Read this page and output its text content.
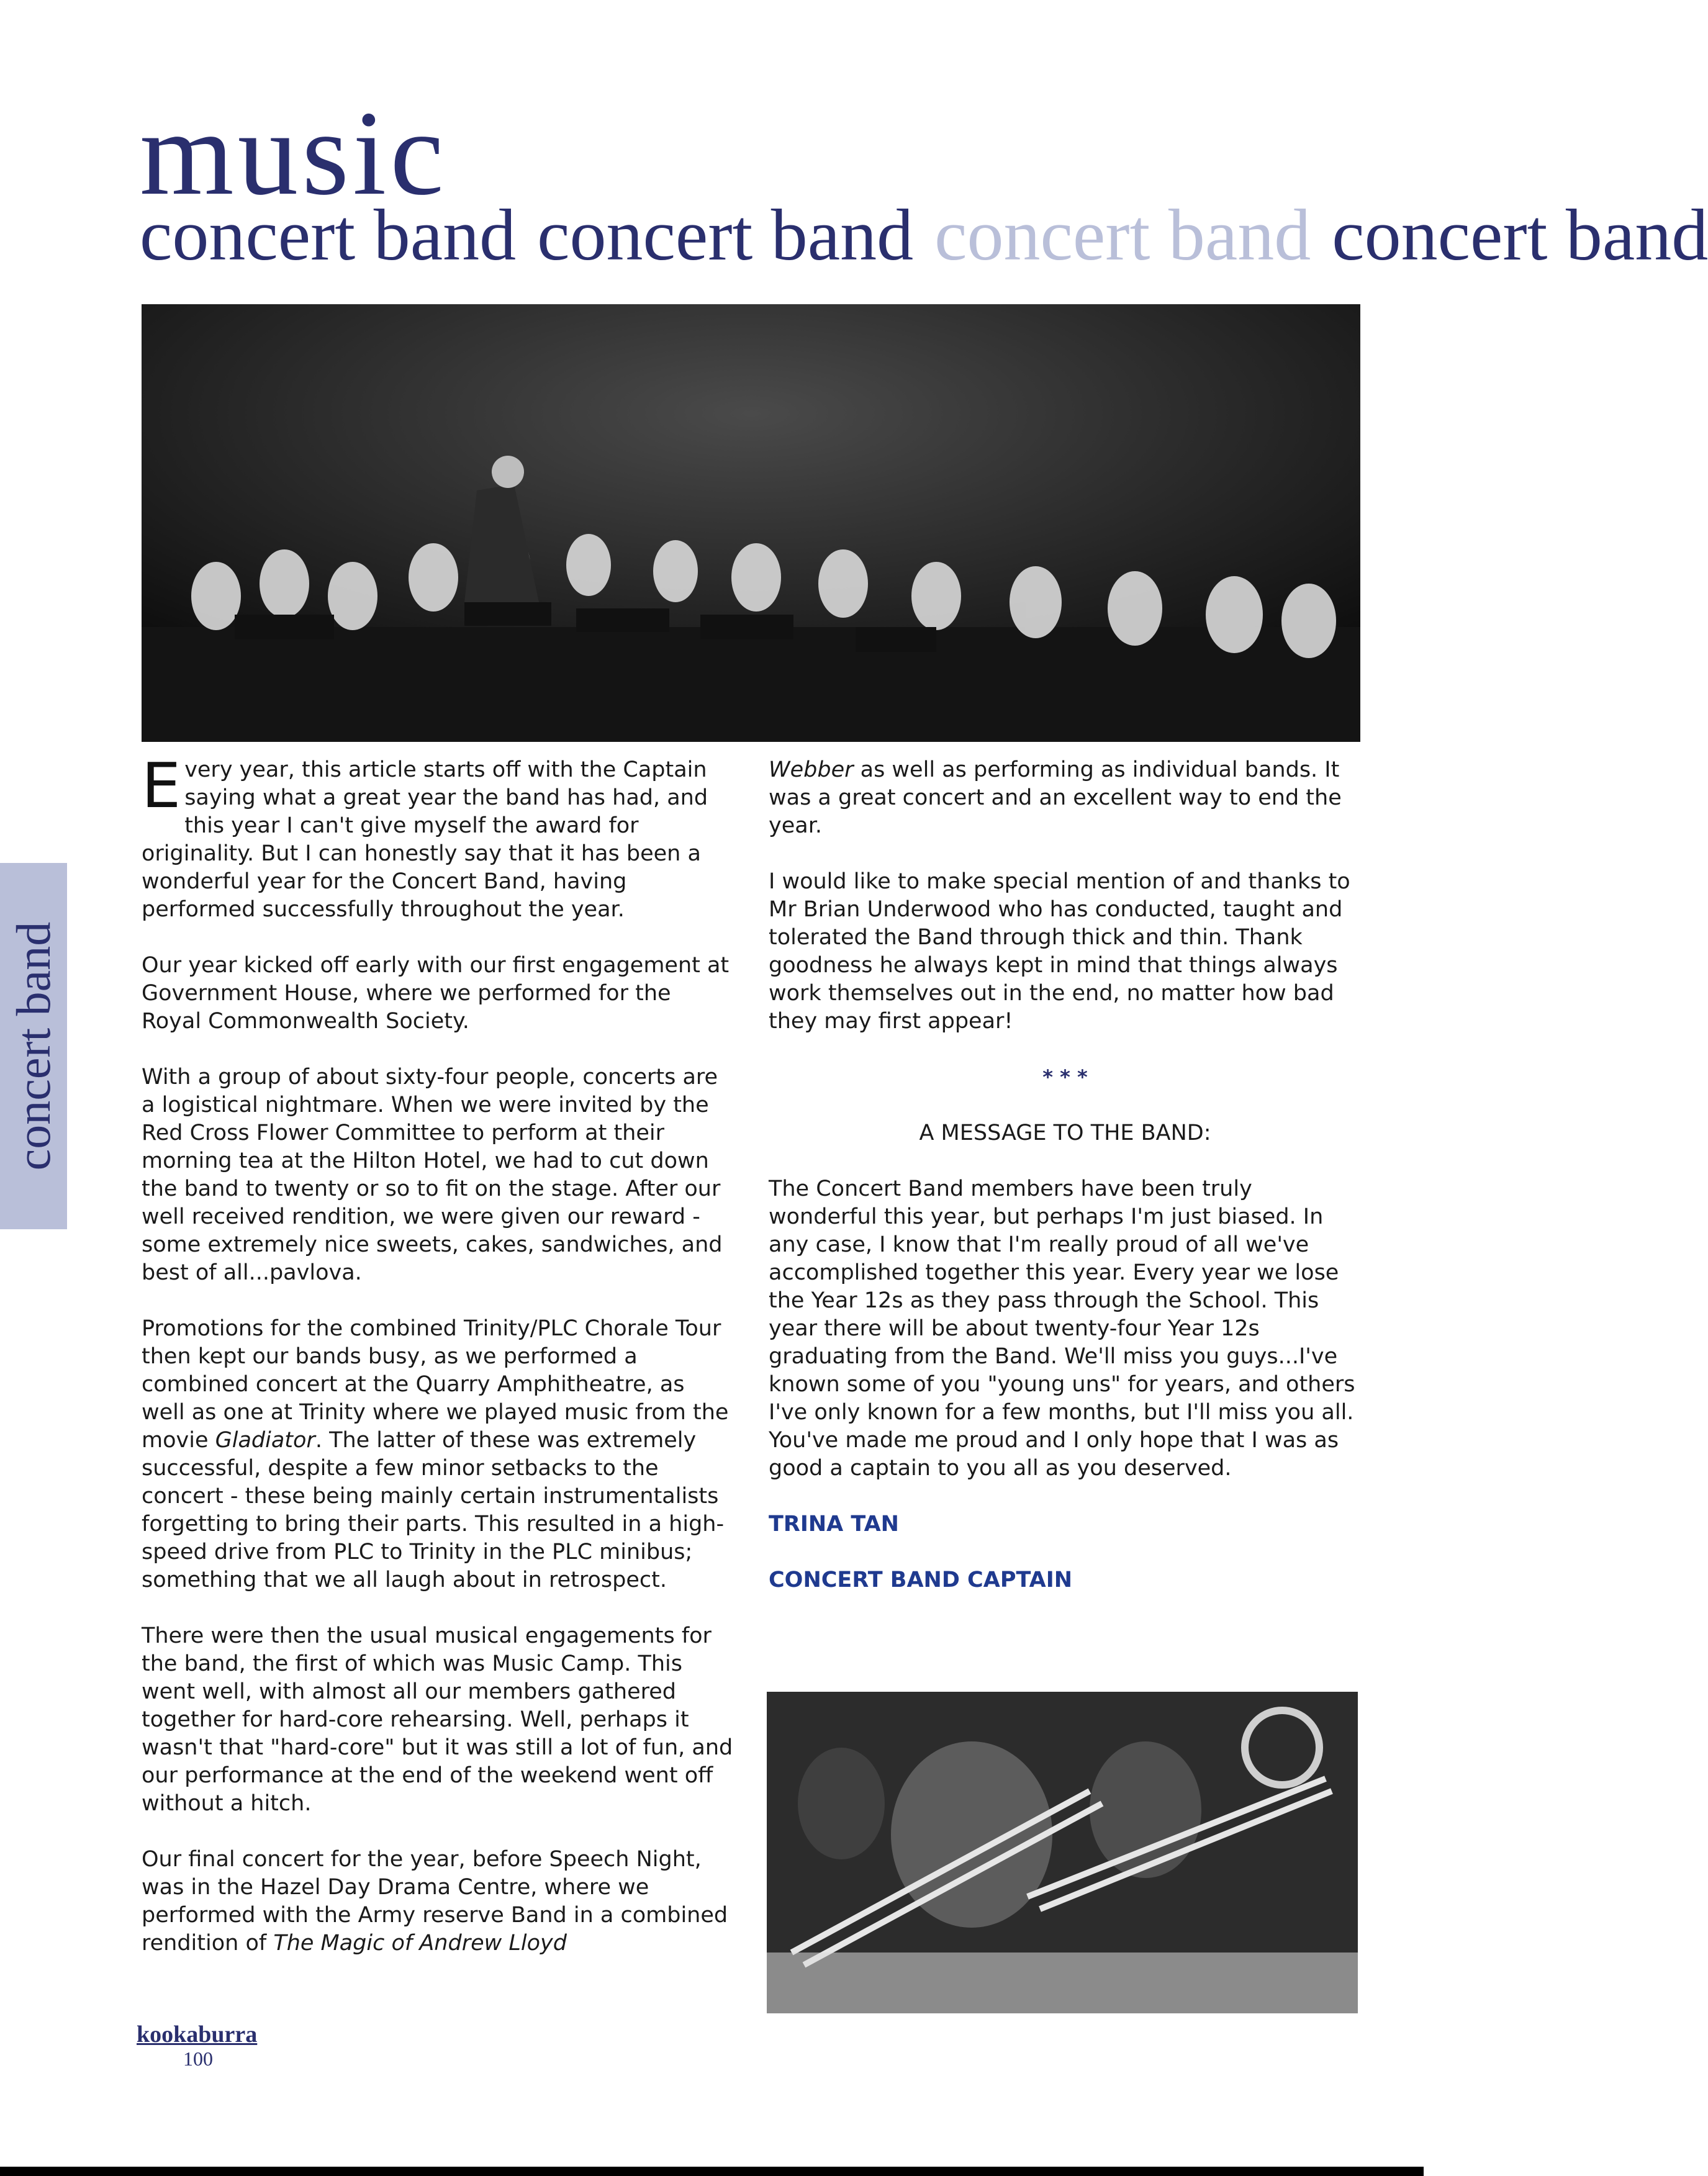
music
concert band concert band concert band concert band

Every year, this article starts off with the Captain saying what a great year the band has had, and this year I can't give myself the award for originality. But I can honestly say that it has been a wonderful year for the Concert Band, having performed successfully throughout the year.

Our year kicked off early with our first engagement at Government House, where we performed for the Royal Commonwealth Society.

With a group of about sixty-four people, concerts are a logistical nightmare. When we were invited by the Red Cross Flower Committee to perform at their morning tea at the Hilton Hotel, we had to cut down the band to twenty or so to fit on the stage. After our well received rendition, we were given our reward - some extremely nice sweets, cakes, sandwiches, and best of all...pavlova.

Promotions for the combined Trinity/PLC Chorale Tour then kept our bands busy, as we performed a combined concert at the Quarry Amphitheatre, as well as one at Trinity where we played music from the movie Gladiator. The latter of these was extremely successful, despite a few minor setbacks to the concert - these being mainly certain instrumentalists forgetting to bring their parts. This resulted in a high-speed drive from PLC to Trinity in the PLC minibus; something that we all laugh about in retrospect.

There were then the usual musical engagements for the band, the first of which was Music Camp. This went well, with almost all our members gathered together for hard-core rehearsing. Well, perhaps it wasn't that "hard-core" but it was still a lot of fun, and our performance at the end of the weekend went off without a hitch.

Our final concert for the year, before Speech Night, was in the Hazel Day Drama Centre, where we performed with the Army reserve Band in a combined rendition of The Magic of Andrew Lloyd

Webber as well as performing as individual bands. It was a great concert and an excellent way to end the year.

I would like to make special mention of and thanks to Mr Brian Underwood who has conducted, taught and tolerated the Band through thick and thin. Thank goodness he always kept in mind that things always work themselves out in the end, no matter how bad they may first appear!

* * *

A MESSAGE TO THE BAND:

The Concert Band members have been truly wonderful this year, but perhaps I'm just biased. In any case, I know that I'm really proud of all we've accomplished together this year. Every year we lose the Year 12s as they pass through the School. This year there will be about twenty-four Year 12s graduating from the Band. We'll miss you guys...I've known some of you "young uns" for years, and others I've only known for a few months, but I'll miss you all. You've made me proud and I only hope that I was as good a captain to you all as you deserved.

TRINA TAN

CONCERT BAND CAPTAIN

concert band
kookaburra
100
